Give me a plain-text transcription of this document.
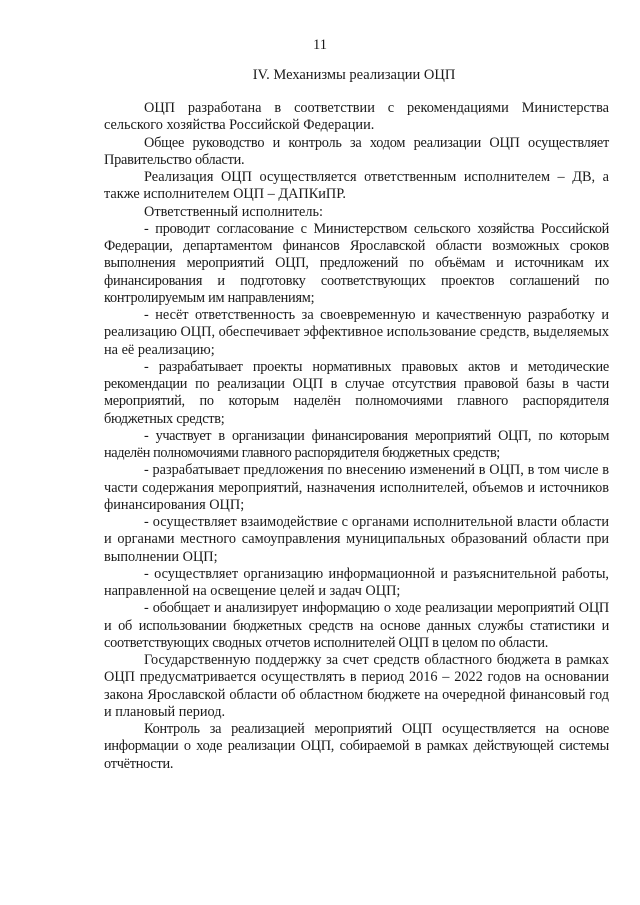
11
IV. Механизмы реализации ОЦП

ОЦП разработана в соответствии с рекомендациями Министерства сельского хозяйства Российской Федерации.

Общее руководство и контроль за ходом реализации ОЦП осуществляет Правительство области.

Реализация ОЦП осуществляется ответственным исполнителем – ДВ, а также исполнителем ОЦП – ДАПКиПР.

Ответственный исполнитель:

- проводит согласование с Министерством сельского хозяйства Российской Федерации, департаментом финансов Ярославской области возможных сроков выполнения мероприятий ОЦП, предложений по объёмам и источникам их финансирования и подготовку соответствующих проектов соглашений по контролируемым им направлениям;

- несёт ответственность за своевременную и качественную разработку и реализацию ОЦП, обеспечивает эффективное использование средств, выделяемых на её реализацию;

- разрабатывает проекты нормативных правовых актов и методические рекомендации по реализации ОЦП в случае отсутствия правовой базы в части мероприятий, по которым наделён полномочиями главного распорядителя бюджетных средств;

- участвует в организации финансирования мероприятий ОЦП, по которым наделён полномочиями главного распорядителя бюджетных средств;

- разрабатывает предложения по внесению изменений в ОЦП, в том числе в части содержания мероприятий, назначения исполнителей, объемов и источников финансирования ОЦП;

- осуществляет взаимодействие с органами исполнительной власти области и органами местного самоуправления муниципальных образований области при выполнении ОЦП;

- осуществляет организацию информационной и разъяснительной работы, направленной на освещение целей и задач ОЦП;

- обобщает и анализирует информацию о ходе реализации мероприятий ОЦП и об использовании бюджетных средств на основе данных службы статистики и соответствующих сводных отчетов исполнителей ОЦП в целом по области.

Государственную поддержку за счет средств областного бюджета в рамках ОЦП предусматривается осуществлять в период 2016 – 2022 годов на основании закона Ярославской области об областном бюджете на очередной финансовый год и плановый период.

Контроль за реализацией мероприятий ОЦП осуществляется на основе информации о ходе реализации ОЦП, собираемой в рамках действующей системы отчётности.
